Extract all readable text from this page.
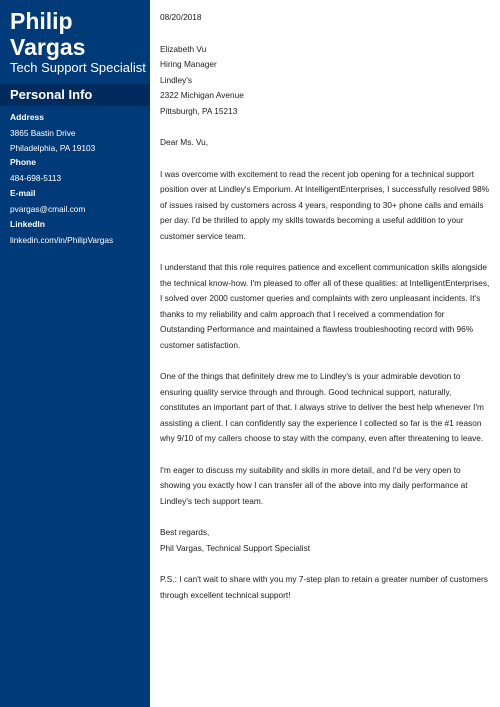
Philip
Vargas
Tech Support Specialist
Personal Info
Address
3865 Bastin Drive
Philadelphia, PA 19103
Phone
484-698-5113
E-mail
pvargas@cmail.com
LinkedIn
linkedin.com/in/PhilipVargas

08/20/2018

Elizabeth Vu
Hiring Manager
Lindley's
2322 Michigan Avenue
Pittsburgh, PA 15213

Dear Ms. Vu,

I was overcome with excitement to read the recent job opening for a technical support position over at Lindley's Emporium. At IntelligentEnterprises, I successfully resolved 98% of issues raised by customers across 4 years, responding to 30+ phone calls and emails per day. I'd be thrilled to apply my skills towards becoming a useful addition to your customer service team.

I understand that this role requires patience and excellent communication skills alongside the technical know-how. I'm pleased to offer all of these qualities: at IntelligentEnterprises, I solved over 2000 customer queries and complaints with zero unpleasant incidents. It's thanks to my reliability and calm approach that I received a commendation for Outstanding Performance and maintained a flawless troubleshooting record with 96% customer satisfaction.

One of the things that definitely drew me to Lindley's is your admirable devotion to ensuring quality service through and through. Good technical support, naturally, constitutes an important part of that. I always strive to deliver the best help whenever I'm assisting a client. I can confidently say the experience I collected so far is the #1 reason why 9/10 of my callers choose to stay with the company, even after threatening to leave.

I'm eager to discuss my suitability and skills in more detail, and I'd be very open to showing you exactly how I can transfer all of the above into my daily performance at Lindley's tech support team.

Best regards,
Phil Vargas, Technical Support Specialist

P.S.: I can't wait to share with you my 7-step plan to retain a greater number of customers through excellent technical support!
